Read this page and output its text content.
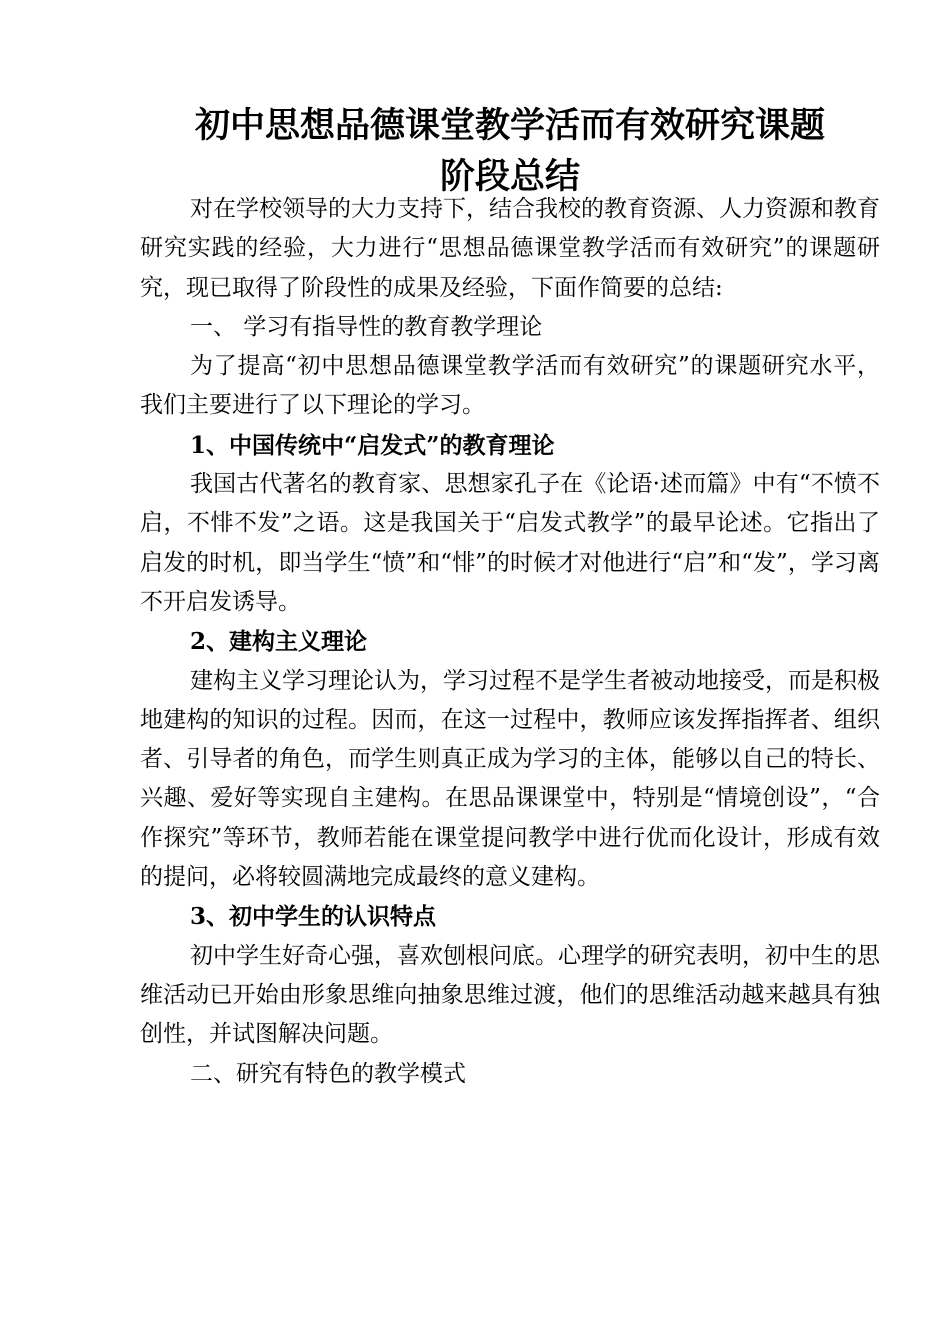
初中思想品德课堂教学活而有效研究课题
阶段总结

对在学校领导的大力支持下，结合我校的教育资源、人力资源和教育研究实践的经验，大力进行“思想品德课堂教学活而有效研究”的课题研究，现已取得了阶段性的成果及经验，下面作简要的总结:

一、 学习有指导性的教育教学理论

为了提高“初中思想品德课堂教学活而有效研究”的课题研究水平，我们主要进行了以下理论的学习。

1、中国传统中“启发式”的教育理论

我国古代著名的教育家、思想家孔子在《论语·述而篇》中有“不愤不启，不悱不发”之语。这是我国关于“启发式教学”的最早论述。它指出了启发的时机，即当学生“愤”和“悱”的时候才对他进行“启”和“发”，学习离不开启发诱导。

2、建构主义理论

建构主义学习理论认为，学习过程不是学生者被动地接受，而是积极地建构的知识的过程。因而，在这一过程中，教师应该发挥指挥者、组织者、引导者的角色，而学生则真正成为学习的主体，能够以自己的特长、兴趣、爱好等实现自主建构。在思品课课堂中，特别是“情境创设”，“合作探究”等环节，教师若能在课堂提问教学中进行优而化设计，形成有效的提问，必将较圆满地完成最终的意义建构。

3、初中学生的认识特点

初中学生好奇心强，喜欢刨根问底。心理学的研究表明，初中生的思维活动已开始由形象思维向抽象思维过渡，他们的思维活动越来越具有独创性，并试图解决问题。

二、研究有特色的教学模式
